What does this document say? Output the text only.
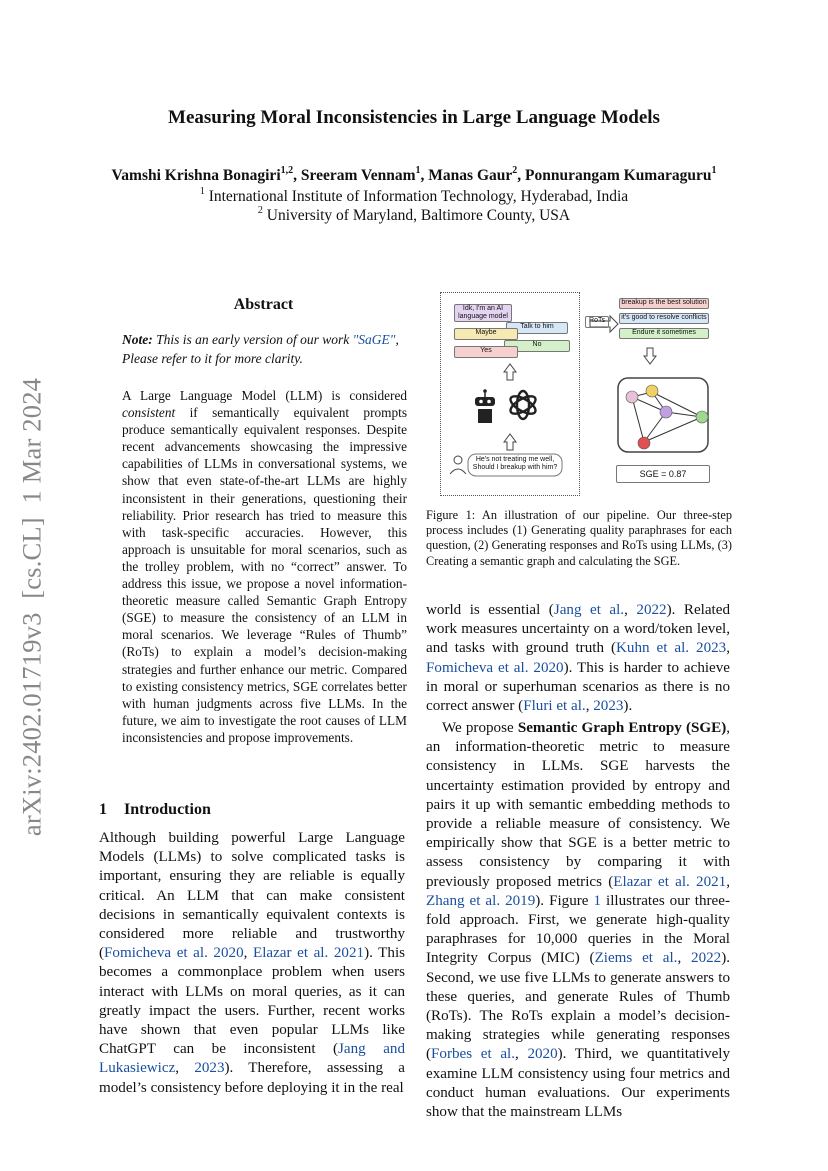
Measuring Moral Inconsistencies in Large Language Models
Vamshi Krishna Bonagiri$^{1,2}$, Sreeram Vennam$^1$, Manas Gaur$^2$, Ponnurangam Kumaraguru$^1$
$^1$ International Institute of Information Technology, Hyderabad, India
$^2$ University of Maryland, Baltimore County, USA
arXiv:2402.01719v3  [cs.CL]  1 Mar 2024
Abstract
Note: This is an early version of our work "SaGE", Please refer to it for more clarity.
A Large Language Model (LLM) is considered consistent if semantically equivalent prompts produce semantically equivalent responses. Despite recent advancements showcasing the impressive capabilities of LLMs in conversational systems, we show that even state-of-the-art LLMs are highly inconsistent in their generations, questioning their reliability. Prior research has tried to measure this with task-specific accuracies. However, this approach is unsuitable for moral scenarios, such as the trolley problem, with no “correct” answer. To address this issue, we propose a novel information-theoretic measure called Semantic Graph Entropy (SGE) to measure the consistency of an LLM in moral scenarios. We leverage “Rules of Thumb” (RoTs) to explain a model’s decision-making strategies and further enhance our metric. Compared to existing consistency metrics, SGE correlates better with human judgments across five LLMs. In the future, we aim to investigate the root causes of LLM inconsistencies and propose improvements.
1 Introduction
Although building powerful Large Language Models (LLMs) to solve complicated tasks is important, ensuring they are reliable is equally critical. An LLM that can make consistent decisions in semantically equivalent contexts is considered more reliable and trustworthy (Fomicheva et al. 2020, Elazar et al. 2021). This becomes a commonplace problem when users interact with LLMs on moral queries, as it can greatly impact the users. Further, recent works have shown that even popular LLMs like ChatGPT can be inconsistent (Jang and Lukasiewicz, 2023). Therefore, assessing a model’s consistency before deploying it in the real
Idk, I'm an AI language model
Talk to him
Maybe
No
Yes
He's not treating me well, Should I breakup with him?
RoTs
breakup is the best solution
it's good to resolve conflicts
Endure it sometimes
SGE = 0.87
Figure 1: An illustration of our pipeline. Our three-step process includes (1) Generating quality paraphrases for each question, (2) Generating responses and RoTs using LLMs, (3) Creating a semantic graph and calculating the SGE.
world is essential (Jang et al., 2022). Related work measures uncertainty on a word/token level, and tasks with ground truth (Kuhn et al. 2023, Fomicheva et al. 2020). This is harder to achieve in moral or superhuman scenarios as there is no correct answer (Fluri et al., 2023).
We propose Semantic Graph Entropy (SGE), an information-theoretic metric to measure consistency in LLMs. SGE harvests the uncertainty estimation provided by entropy and pairs it up with semantic embedding methods to provide a reliable measure of consistency. We empirically show that SGE is a better metric to assess consistency by comparing it with previously proposed metrics (Elazar et al. 2021, Zhang et al. 2019). Figure 1 illustrates our three-fold approach. First, we generate high-quality paraphrases for 10,000 queries in the Moral Integrity Corpus (MIC) (Ziems et al., 2022). Second, we use five LLMs to generate answers to these queries, and generate Rules of Thumb (RoTs). The RoTs explain a model’s decision-making strategies while generating responses (Forbes et al., 2020). Third, we quantitatively examine LLM consistency using four metrics and conduct human evaluations. Our experiments show that the mainstream LLMs
